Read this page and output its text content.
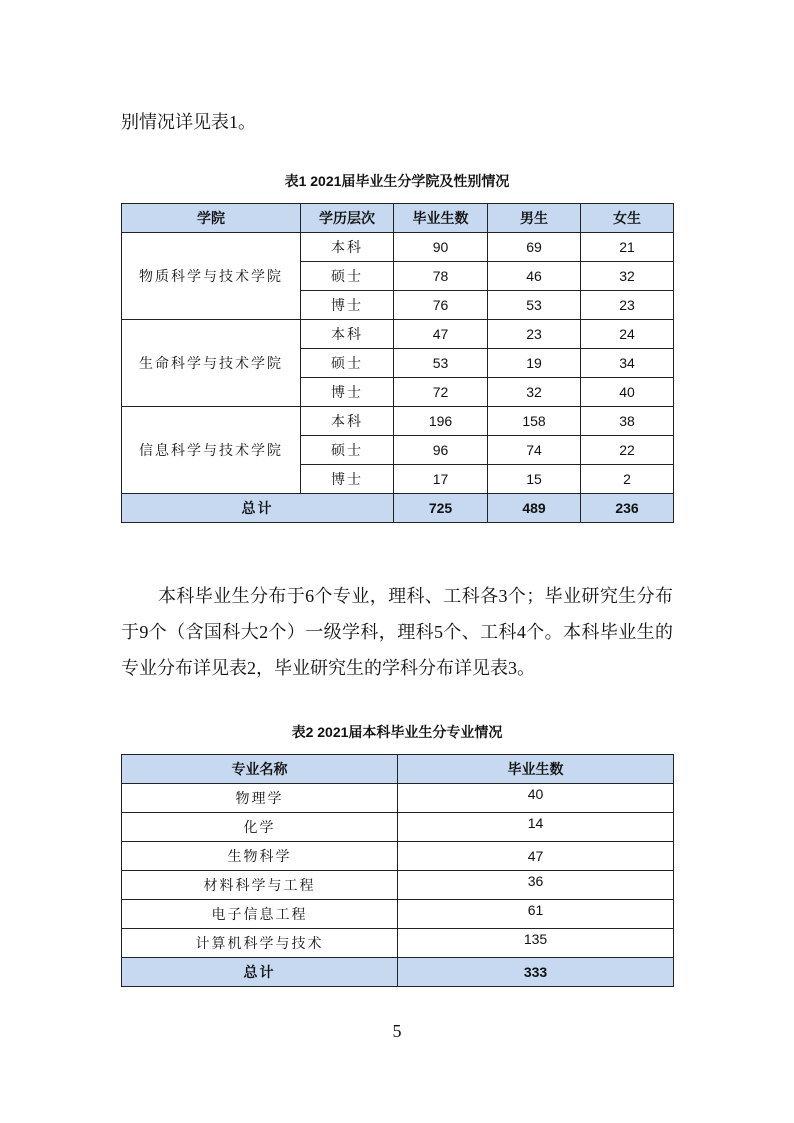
别情况详见表1。
表1 2021届毕业生分学院及性别情况
学院	学历层次	毕业生数	男生	女生
物质科学与技术学院	本科	90	69	21
	硕士	78	46	32
	博士	76	53	23
生命科学与技术学院	本科	47	23	24
	硕士	53	19	34
	博士	72	32	40
信息科学与技术学院	本科	196	158	38
	硕士	96	74	22
	博士	17	15	2
总计		725	489	236
本科毕业生分布于6个专业，理科、工科各3个；毕业研究生分布
于9个（含国科大2个）一级学科，理科5个、工科4个。本科毕业生的
专业分布详见表2，毕业研究生的学科分布详见表3。
表2 2021届本科毕业生分专业情况
专业名称	毕业生数
物理学	40
化学	14
生物科学	47
材料科学与工程	36
电子信息工程	61
计算机科学与技术	135
总计	333
5
